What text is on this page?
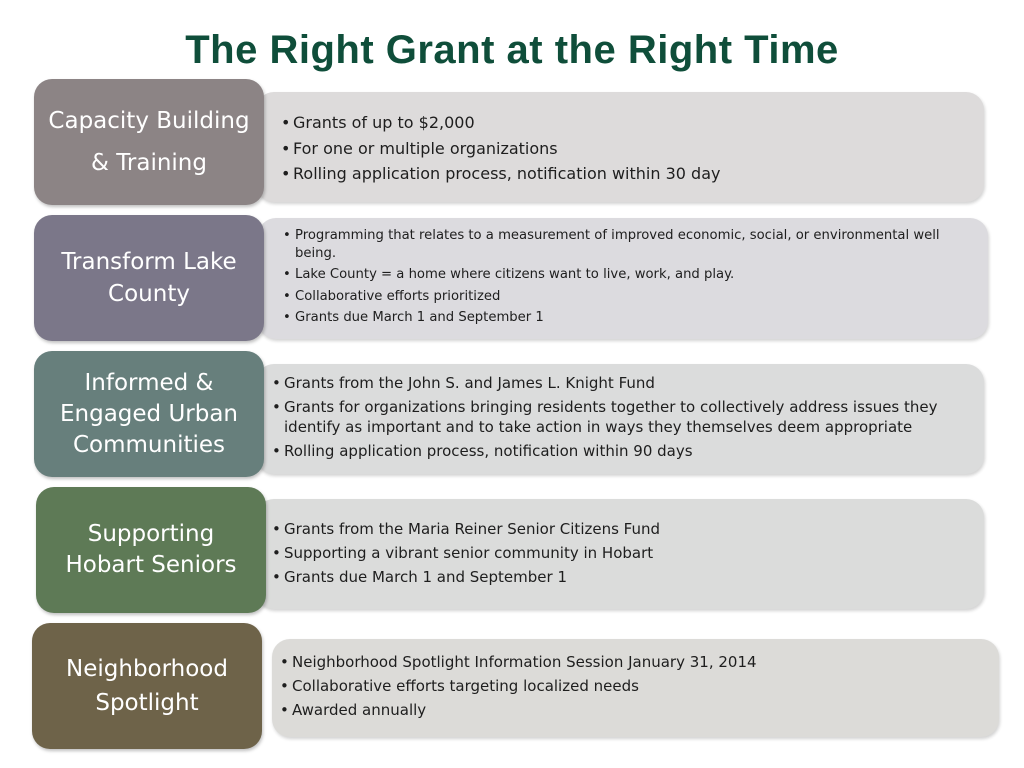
The Right Grant at the Right Time
Capacity Building
& Training
• Grants of up to $2,000
• For one or multiple organizations
• Rolling application process, notification within 30 day
Transform Lake
County
• Programming that relates to a measurement of improved economic, social, or environmental well being.
• Lake County = a home where citizens want to live, work, and play.
• Collaborative efforts prioritized
• Grants due March 1 and September 1
Informed &
Engaged Urban
Communities
• Grants from the John S. and James L. Knight Fund
• Grants for organizations bringing residents together to collectively address issues they identify as important and to take action in ways they themselves deem appropriate
• Rolling application process, notification within 90 days
Supporting
Hobart Seniors
• Grants from the Maria Reiner Senior Citizens Fund
• Supporting a vibrant senior community in Hobart
• Grants due March 1 and September 1
Neighborhood
Spotlight
• Neighborhood Spotlight Information Session January 31, 2014
• Collaborative efforts targeting localized needs
• Awarded annually
